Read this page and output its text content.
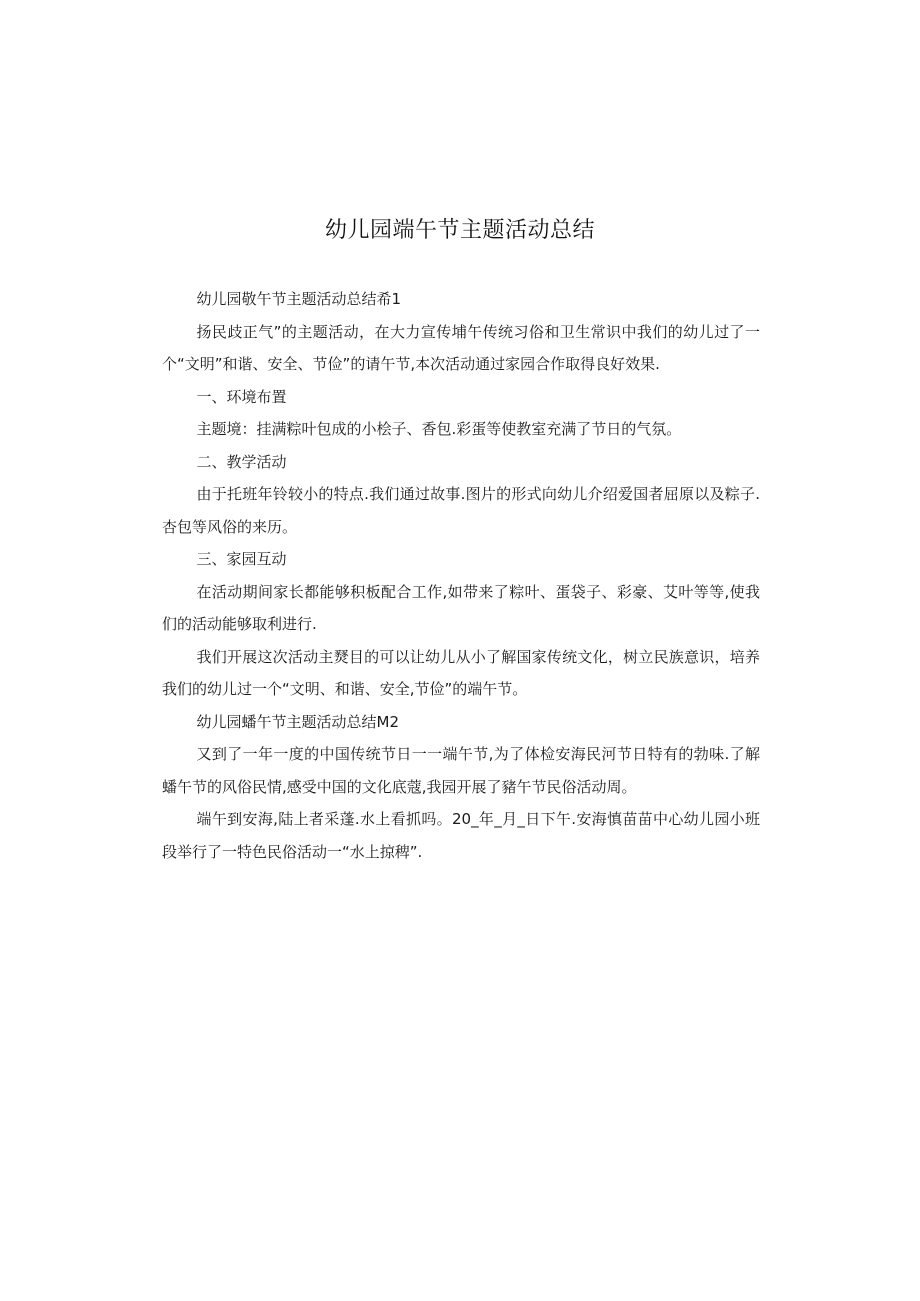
幼儿园端午节主题活动总结

幼儿园敬午节主题活动总结希1

扬民歧正气”的主题活动，在大力宣传埔午传统习俗和卫生常识中我们的幼儿过了一个“文明”和谐、安全、节俭”的请午节,本次活动通过家园合作取得良好效果.

一、环境布置

主题境：挂满粽叶包成的小桧子、香包.彩蛋等使教室充满了节日的气氛。

二、教学活动

由于托班年铃较小的特点.我们通过故事.图片的形式向幼儿介绍爱国者屈原以及粽子.杏包等风俗的来历。

三、家园互动

在活动期间家长都能够积板配合工作,如带来了粽叶、蛋袋子、彩豪、艾叶等等,使我们的活动能够取利进行.

我们开展这次活动主燹目的可以让幼儿从小了解国家传统文化，树立民族意识，培养我们的幼儿过一个“文明、和谐、安全,节俭”的端午节。

幼儿园蟠午节主题活动总结M2

又到了一年一度的中国传统节日一一端午节,为了体检安海民河节日特有的勃味.了解蟠午节的风俗民情,感受中国的文化底蔻,我园开展了豬午节民俗活动周。

端午到安海,陆上者采蓬.水上看抓吗。20_年_月_日下午.安海慎苗苗中心幼儿园小班段举行了一特色民俗活动一“水上掠稗”.
